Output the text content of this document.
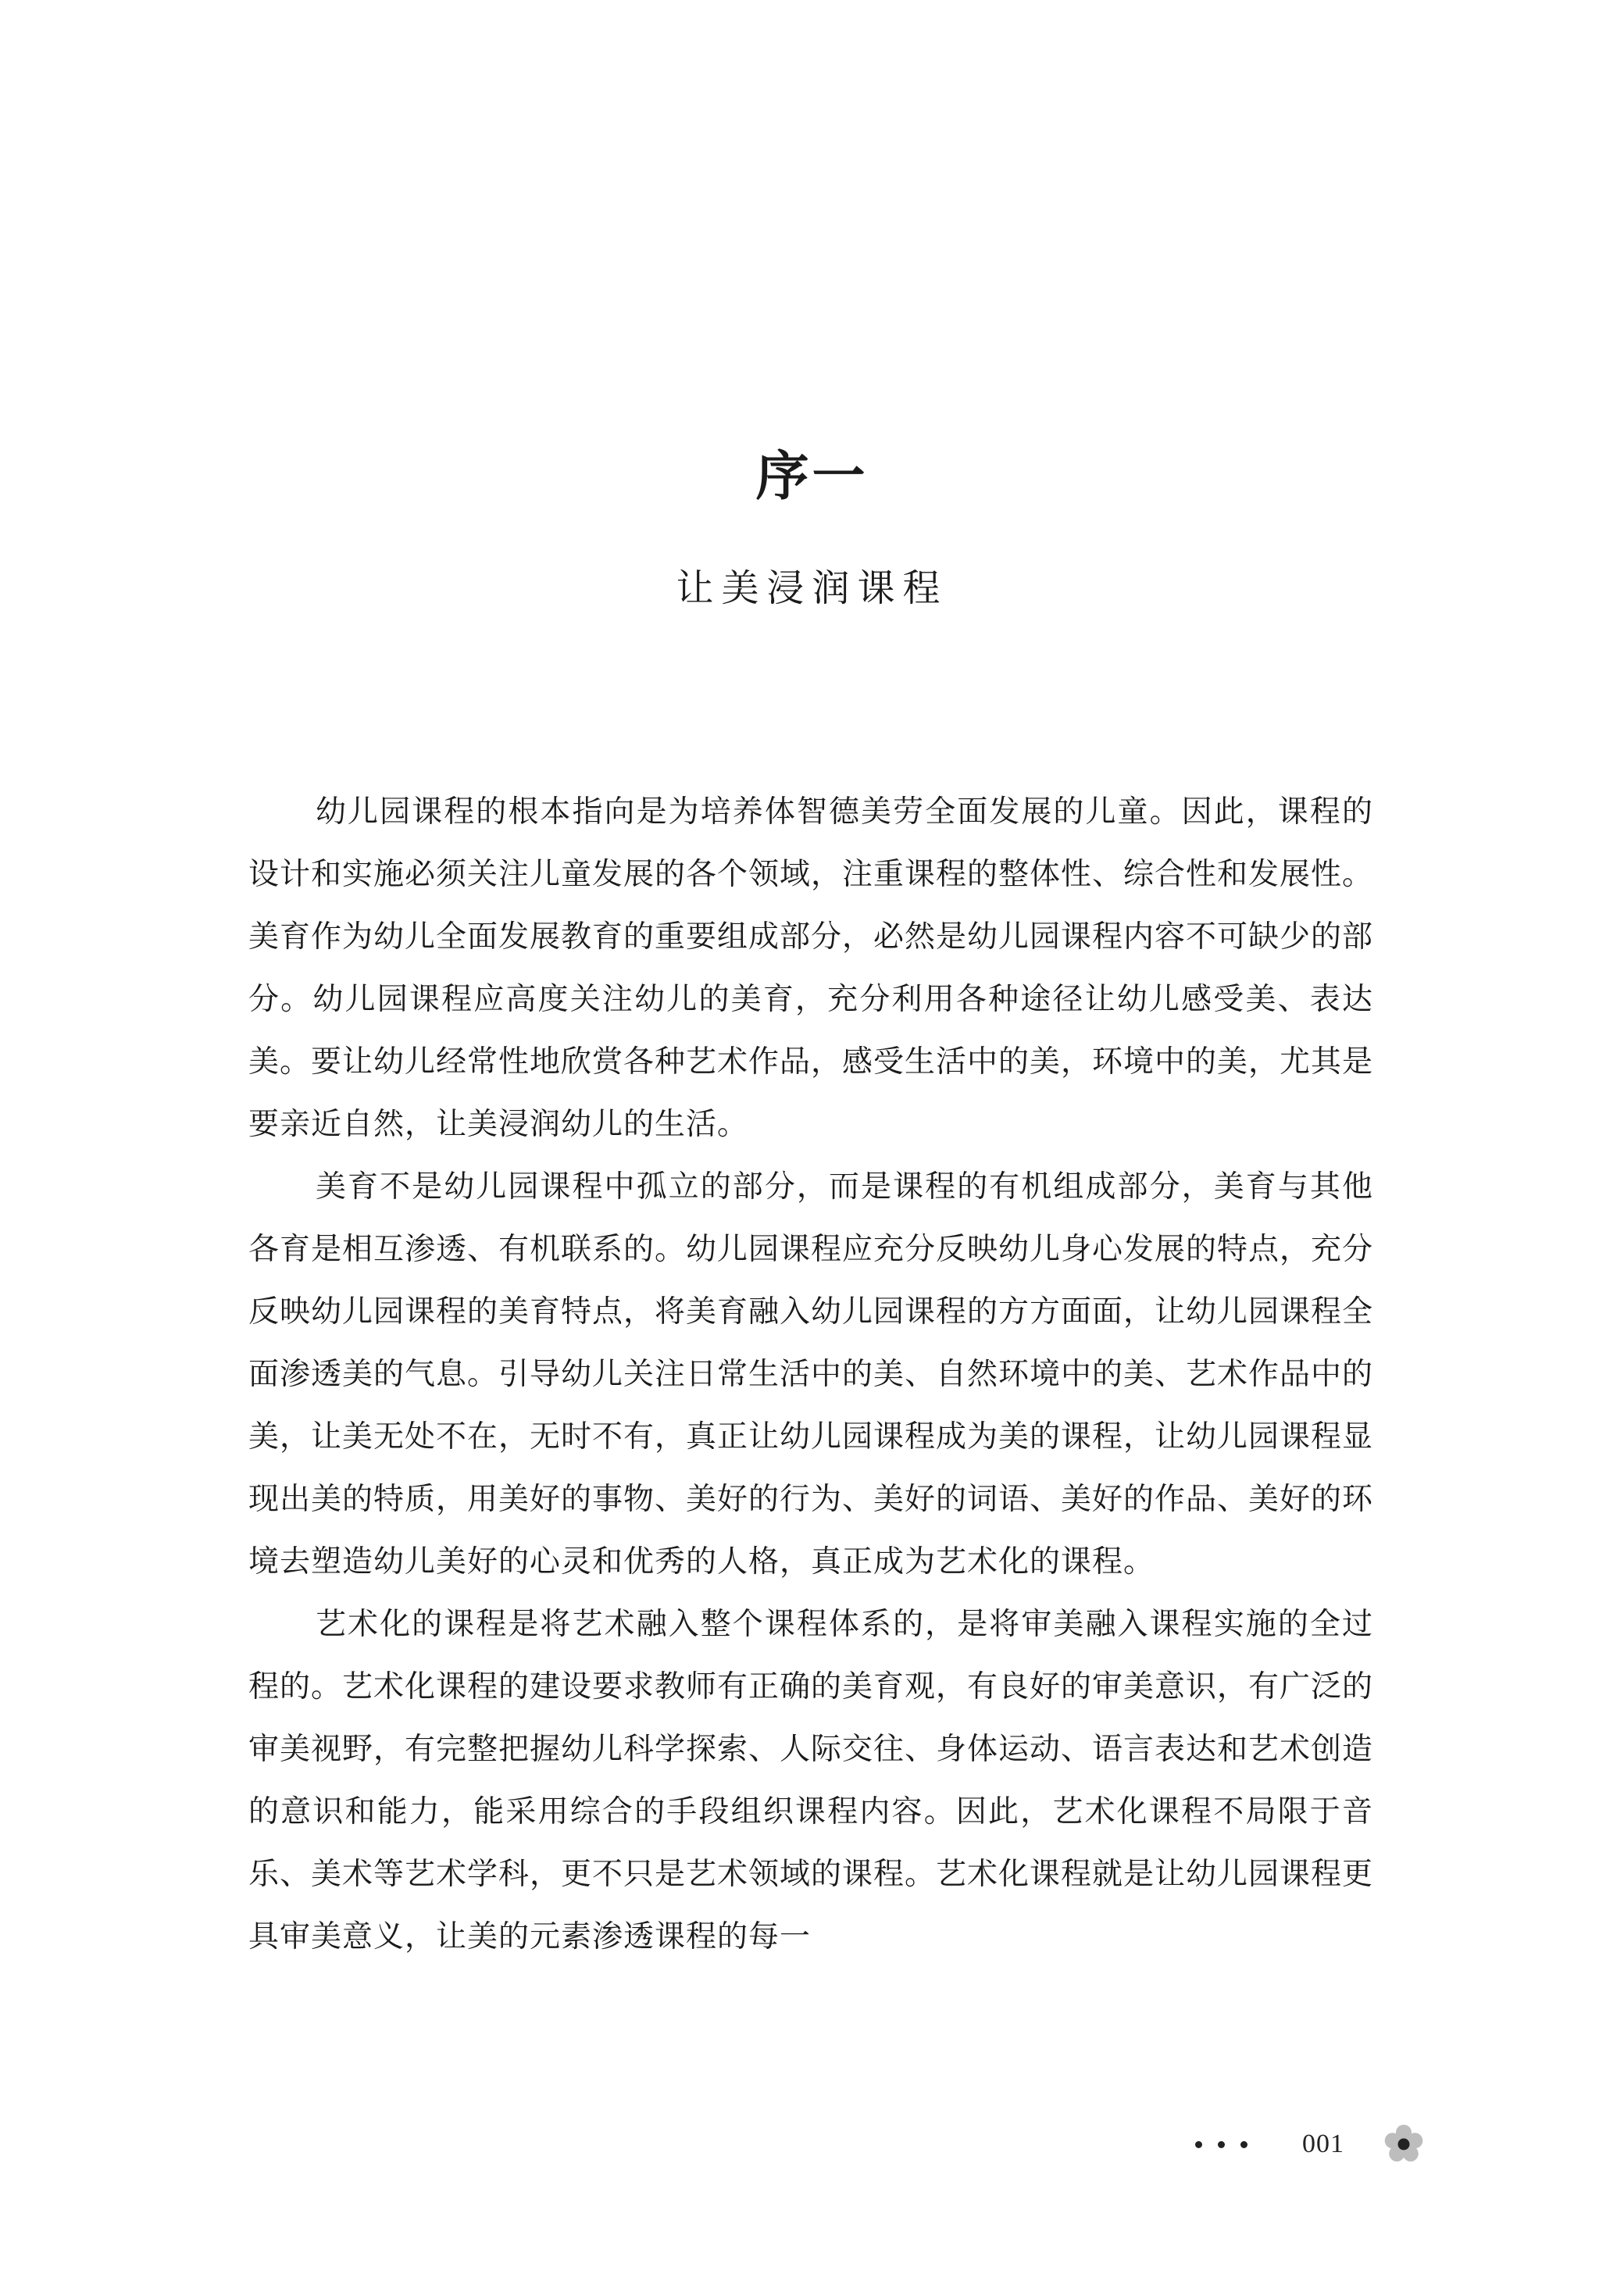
序一
让美浸润课程

幼儿园课程的根本指向是为培养体智德美劳全面发展的儿童。因此，课程的设计和实施必须关注儿童发展的各个领域，注重课程的整体性、综合性和发展性。美育作为幼儿全面发展教育的重要组成部分，必然是幼儿园课程内容不可缺少的部分。幼儿园课程应高度关注幼儿的美育，充分利用各种途径让幼儿感受美、表达美。要让幼儿经常性地欣赏各种艺术作品，感受生活中的美，环境中的美，尤其是要亲近自然，让美浸润幼儿的生活。

美育不是幼儿园课程中孤立的部分，而是课程的有机组成部分，美育与其他各育是相互渗透、有机联系的。幼儿园课程应充分反映幼儿身心发展的特点，充分反映幼儿园课程的美育特点，将美育融入幼儿园课程的方方面面，让幼儿园课程全面渗透美的气息。引导幼儿关注日常生活中的美、自然环境中的美、艺术作品中的美，让美无处不在，无时不有，真正让幼儿园课程成为美的课程，让幼儿园课程显现出美的特质，用美好的事物、美好的行为、美好的词语、美好的作品、美好的环境去塑造幼儿美好的心灵和优秀的人格，真正成为艺术化的课程。

艺术化的课程是将艺术融入整个课程体系的，是将审美融入课程实施的全过程的。艺术化课程的建设要求教师有正确的美育观，有良好的审美意识，有广泛的审美视野，有完整把握幼儿科学探索、人际交往、身体运动、语言表达和艺术创造的意识和能力，能采用综合的手段组织课程内容。因此，艺术化课程不局限于音乐、美术等艺术学科，更不只是艺术领域的课程。艺术化课程就是让幼儿园课程更具审美意义，让美的元素渗透课程的每一

001
